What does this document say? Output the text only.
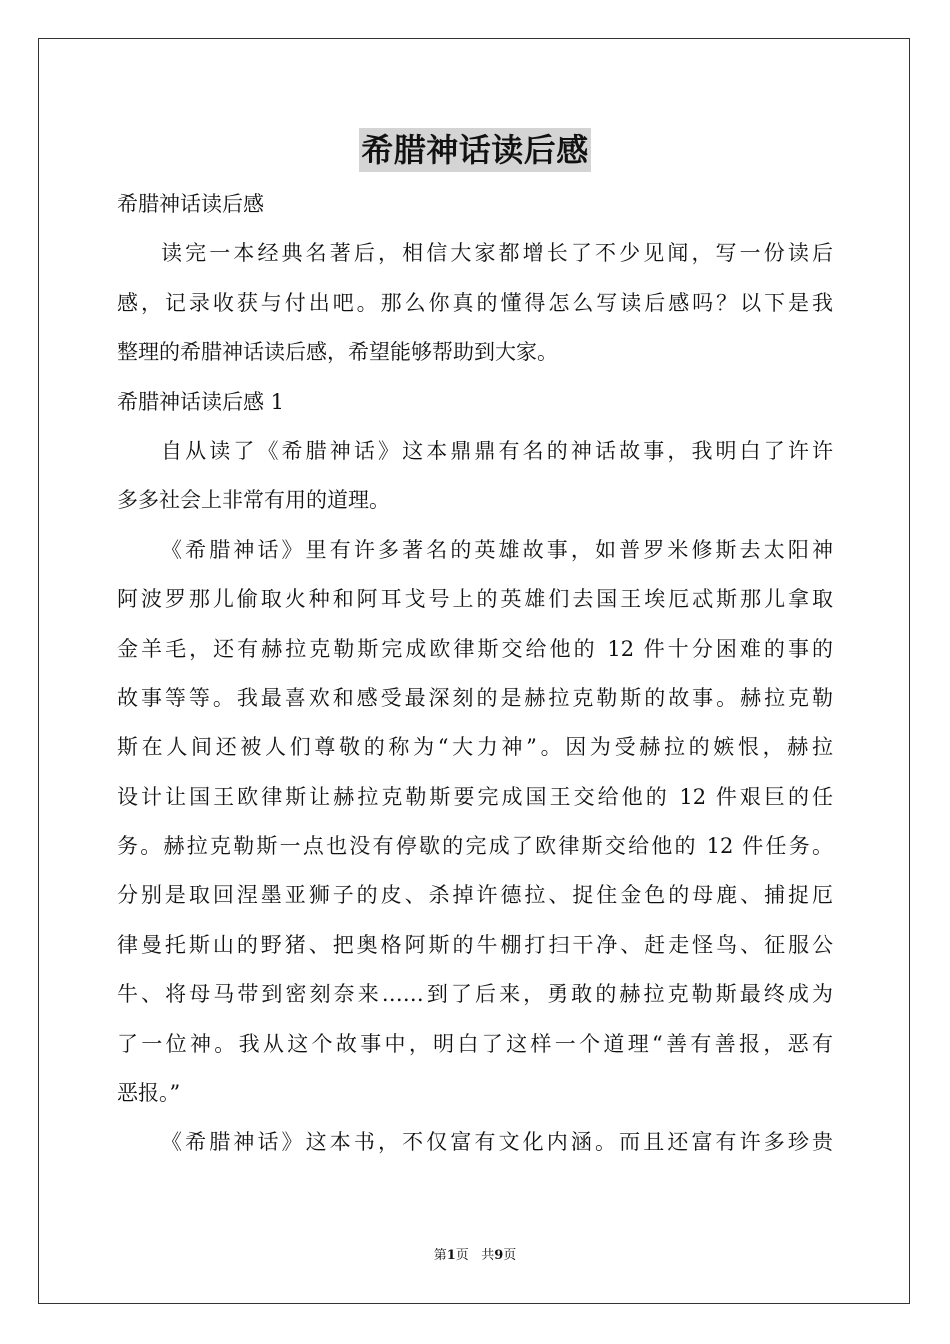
希腊神话读后感
希腊神话读后感
读完一本经典名著后，相信大家都增长了不少见闻，写一份读后
感，记录收获与付出吧。那么你真的懂得怎么写读后感吗？以下是我
整理的希腊神话读后感，希望能够帮助到大家。
希腊神话读后感 1
自从读了《希腊神话》这本鼎鼎有名的神话故事，我明白了许许
多多社会上非常有用的道理。
《希腊神话》里有许多著名的英雄故事，如普罗米修斯去太阳神
阿波罗那儿偷取火种和阿耳戈号上的英雄们去国王埃厄忒斯那儿拿取
金羊毛，还有赫拉克勒斯完成欧律斯交给他的 12 件十分困难的事的
故事等等。我最喜欢和感受最深刻的是赫拉克勒斯的故事。赫拉克勒
斯在人间还被人们尊敬的称为“大力神”。因为受赫拉的嫉恨，赫拉
设计让国王欧律斯让赫拉克勒斯要完成国王交给他的 12 件艰巨的任
务。赫拉克勒斯一点也没有停歇的完成了欧律斯交给他的 12 件任务。
分别是取回涅墨亚狮子的皮、杀掉许德拉、捉住金色的母鹿、捕捉厄
律曼托斯山的野猪、把奥格阿斯的牛棚打扫干净、赶走怪鸟、征服公
牛、将母马带到密刻奈来……到了后来，勇敢的赫拉克勒斯最终成为
了一位神。我从这个故事中，明白了这样一个道理“善有善报，恶有
恶报。”
《希腊神话》这本书，不仅富有文化内涵。而且还富有许多珍贵
第1页 共9页
